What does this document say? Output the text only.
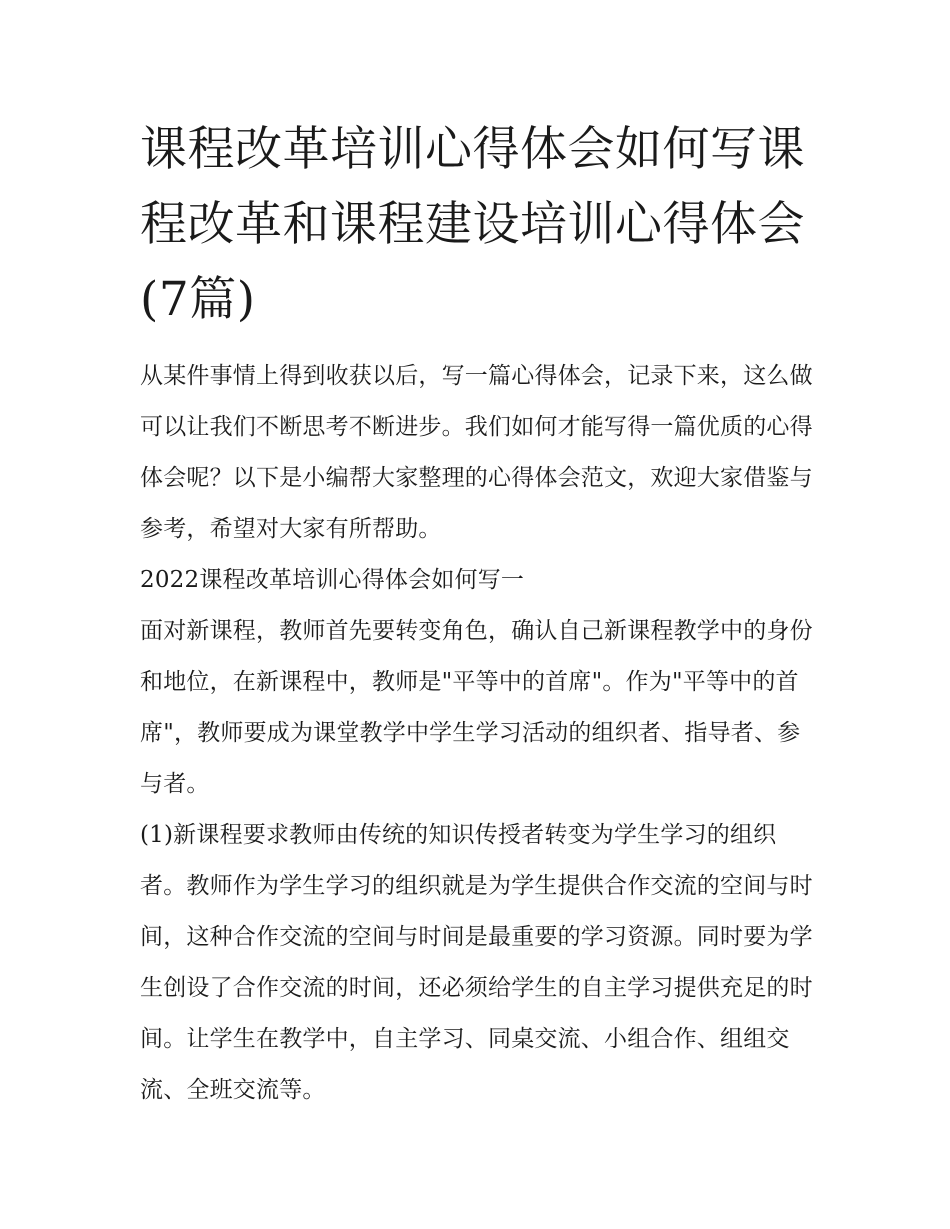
课程改革培训心得体会如何写课程改革和课程建设培训心得体会(7篇)

从某件事情上得到收获以后，写一篇心得体会，记录下来，这么做可以让我们不断思考不断进步。我们如何才能写得一篇优质的心得体会呢？以下是小编帮大家整理的心得体会范文，欢迎大家借鉴与参考，希望对大家有所帮助。

2022课程改革培训心得体会如何写一

面对新课程，教师首先要转变角色，确认自己新课程教学中的身份和地位，在新课程中，教师是"平等中的首席"。作为"平等中的首席"，教师要成为课堂教学中学生学习活动的组织者、指导者、参与者。

(1)新课程要求教师由传统的知识传授者转变为学生学习的组织者。教师作为学生学习的组织就是为学生提供合作交流的空间与时间，这种合作交流的空间与时间是最重要的学习资源。同时要为学生创设了合作交流的时间，还必须给学生的自主学习提供充足的时间。让学生在教学中，自主学习、同桌交流、小组合作、组组交流、全班交流等。
